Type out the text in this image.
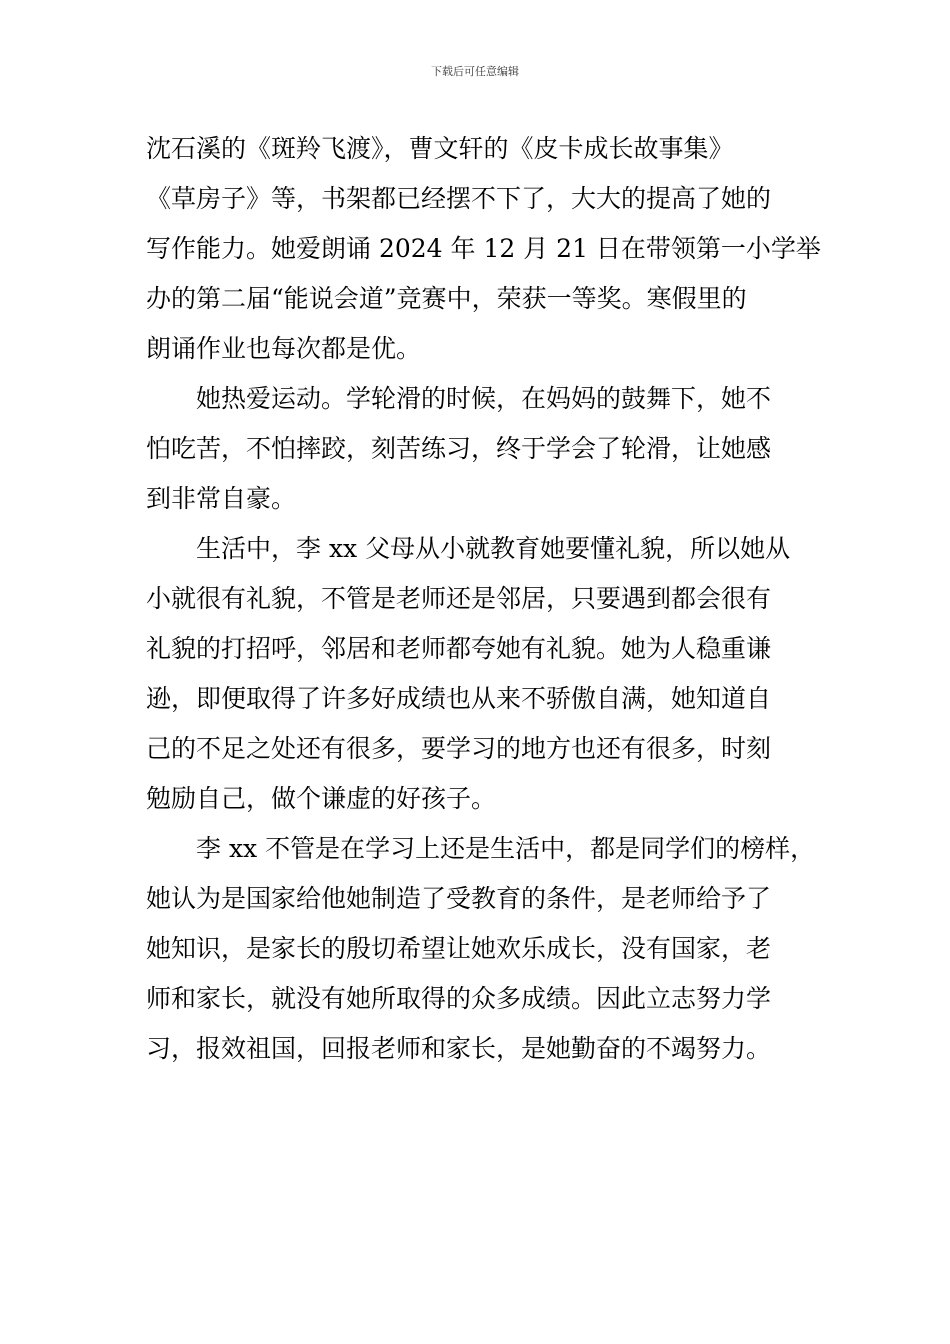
下载后可任意编辑
沈石溪的《斑羚飞渡》，曹文轩的《皮卡成长故事集》
《草房子》等，书架都已经摆不下了，大大的提高了她的
写作能力。她爱朗诵 2024 年 12 月 21 日在带领第一小学举
办的第二届“能说会道”竞赛中，荣获一等奖。寒假里的
朗诵作业也每次都是优。
她热爱运动。学轮滑的时候，在妈妈的鼓舞下，她不
怕吃苦，不怕摔跤，刻苦练习，终于学会了轮滑，让她感
到非常自豪。
生活中，李 xx 父母从小就教育她要懂礼貌，所以她从
小就很有礼貌，不管是老师还是邻居，只要遇到都会很有
礼貌的打招呼，邻居和老师都夸她有礼貌。她为人稳重谦
逊，即便取得了许多好成绩也从来不骄傲自满，她知道自
己的不足之处还有很多，要学习的地方也还有很多，时刻
勉励自己，做个谦虚的好孩子。
李 xx 不管是在学习上还是生活中，都是同学们的榜样，
她认为是国家给他她制造了受教育的条件，是老师给予了
她知识，是家长的殷切希望让她欢乐成长，没有国家，老
师和家长，就没有她所取得的众多成绩。因此立志努力学
习，报效祖国，回报老师和家长，是她勤奋的不竭努力。
